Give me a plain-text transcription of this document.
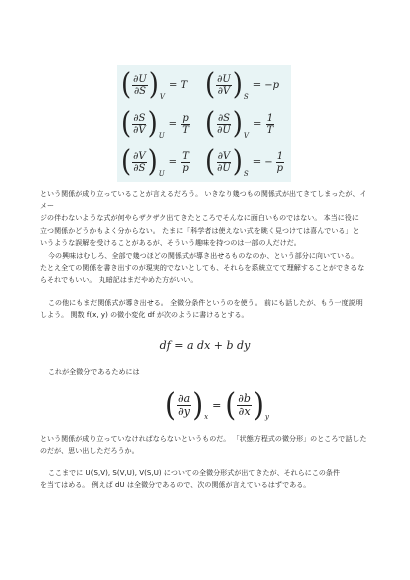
( $\frac{\partial U}{\partial S}$ ) V
= T ( $\frac{\partial U}{\partial V}$ ) S
= −p
( $\frac{\partial S}{\partial V}$ ) U
= $\frac{p}{T}$ ( $\frac{\partial S}{\partial U}$ ) V
= $\frac{1}{T}$
( $\frac{\partial V}{\partial S}$ ) U
= $\frac{T}{p}$ ( $\frac{\partial V}{\partial U}$ ) S
= − $\frac{1}{p}$
という関係が成り立っていることが言えるだろう。 いきなり幾つもの関係式が出てきてしまったが、イメー
ジの伴わないような式が何やらザクザク出てきたところでそんなに面白いものではない。 本当に役に
立つ関係かどうかもよく分からない。 たまに「科学者は使えない式を眺く見つけては喜んでいる」と
いうような誤解を受けることがあるが、そういう趣味を持つのは一部の人だけだ。
今の興味はむしろ、全部で幾つほどの関係式が導き出せるものなのか、という部分に向いている。
たとえ全ての関係を書き出すのが現実的でないとしても、それらを系統立てて理解することができるな
らそれでもいい。 丸暗記はまだやめた方がいい。
この他にもまだ関係式が導き出せる。 全微分条件というのを使う。 前にも話したが、もう一度説明
しよう。 関数 f(x, y) の微小変化 df が次のように書けるとする。
df = a dx + b dy
これが全微分であるためには
( $\frac{\partial a}{\partial y}$ ) x
= ( $\frac{\partial b}{\partial x}$ ) y
という関係が成り立っていなければならないというものだ。 「状態方程式の微分形」のところで話した
のだが、思い出しただろうか。
ここまでに U(S,V), S(V,U), V(S,U) についての全微分形式が出てきたが、それらにこの条件
を当てはめる。 例えば dU は全微分であるので、次の関係が言えているはずである。
